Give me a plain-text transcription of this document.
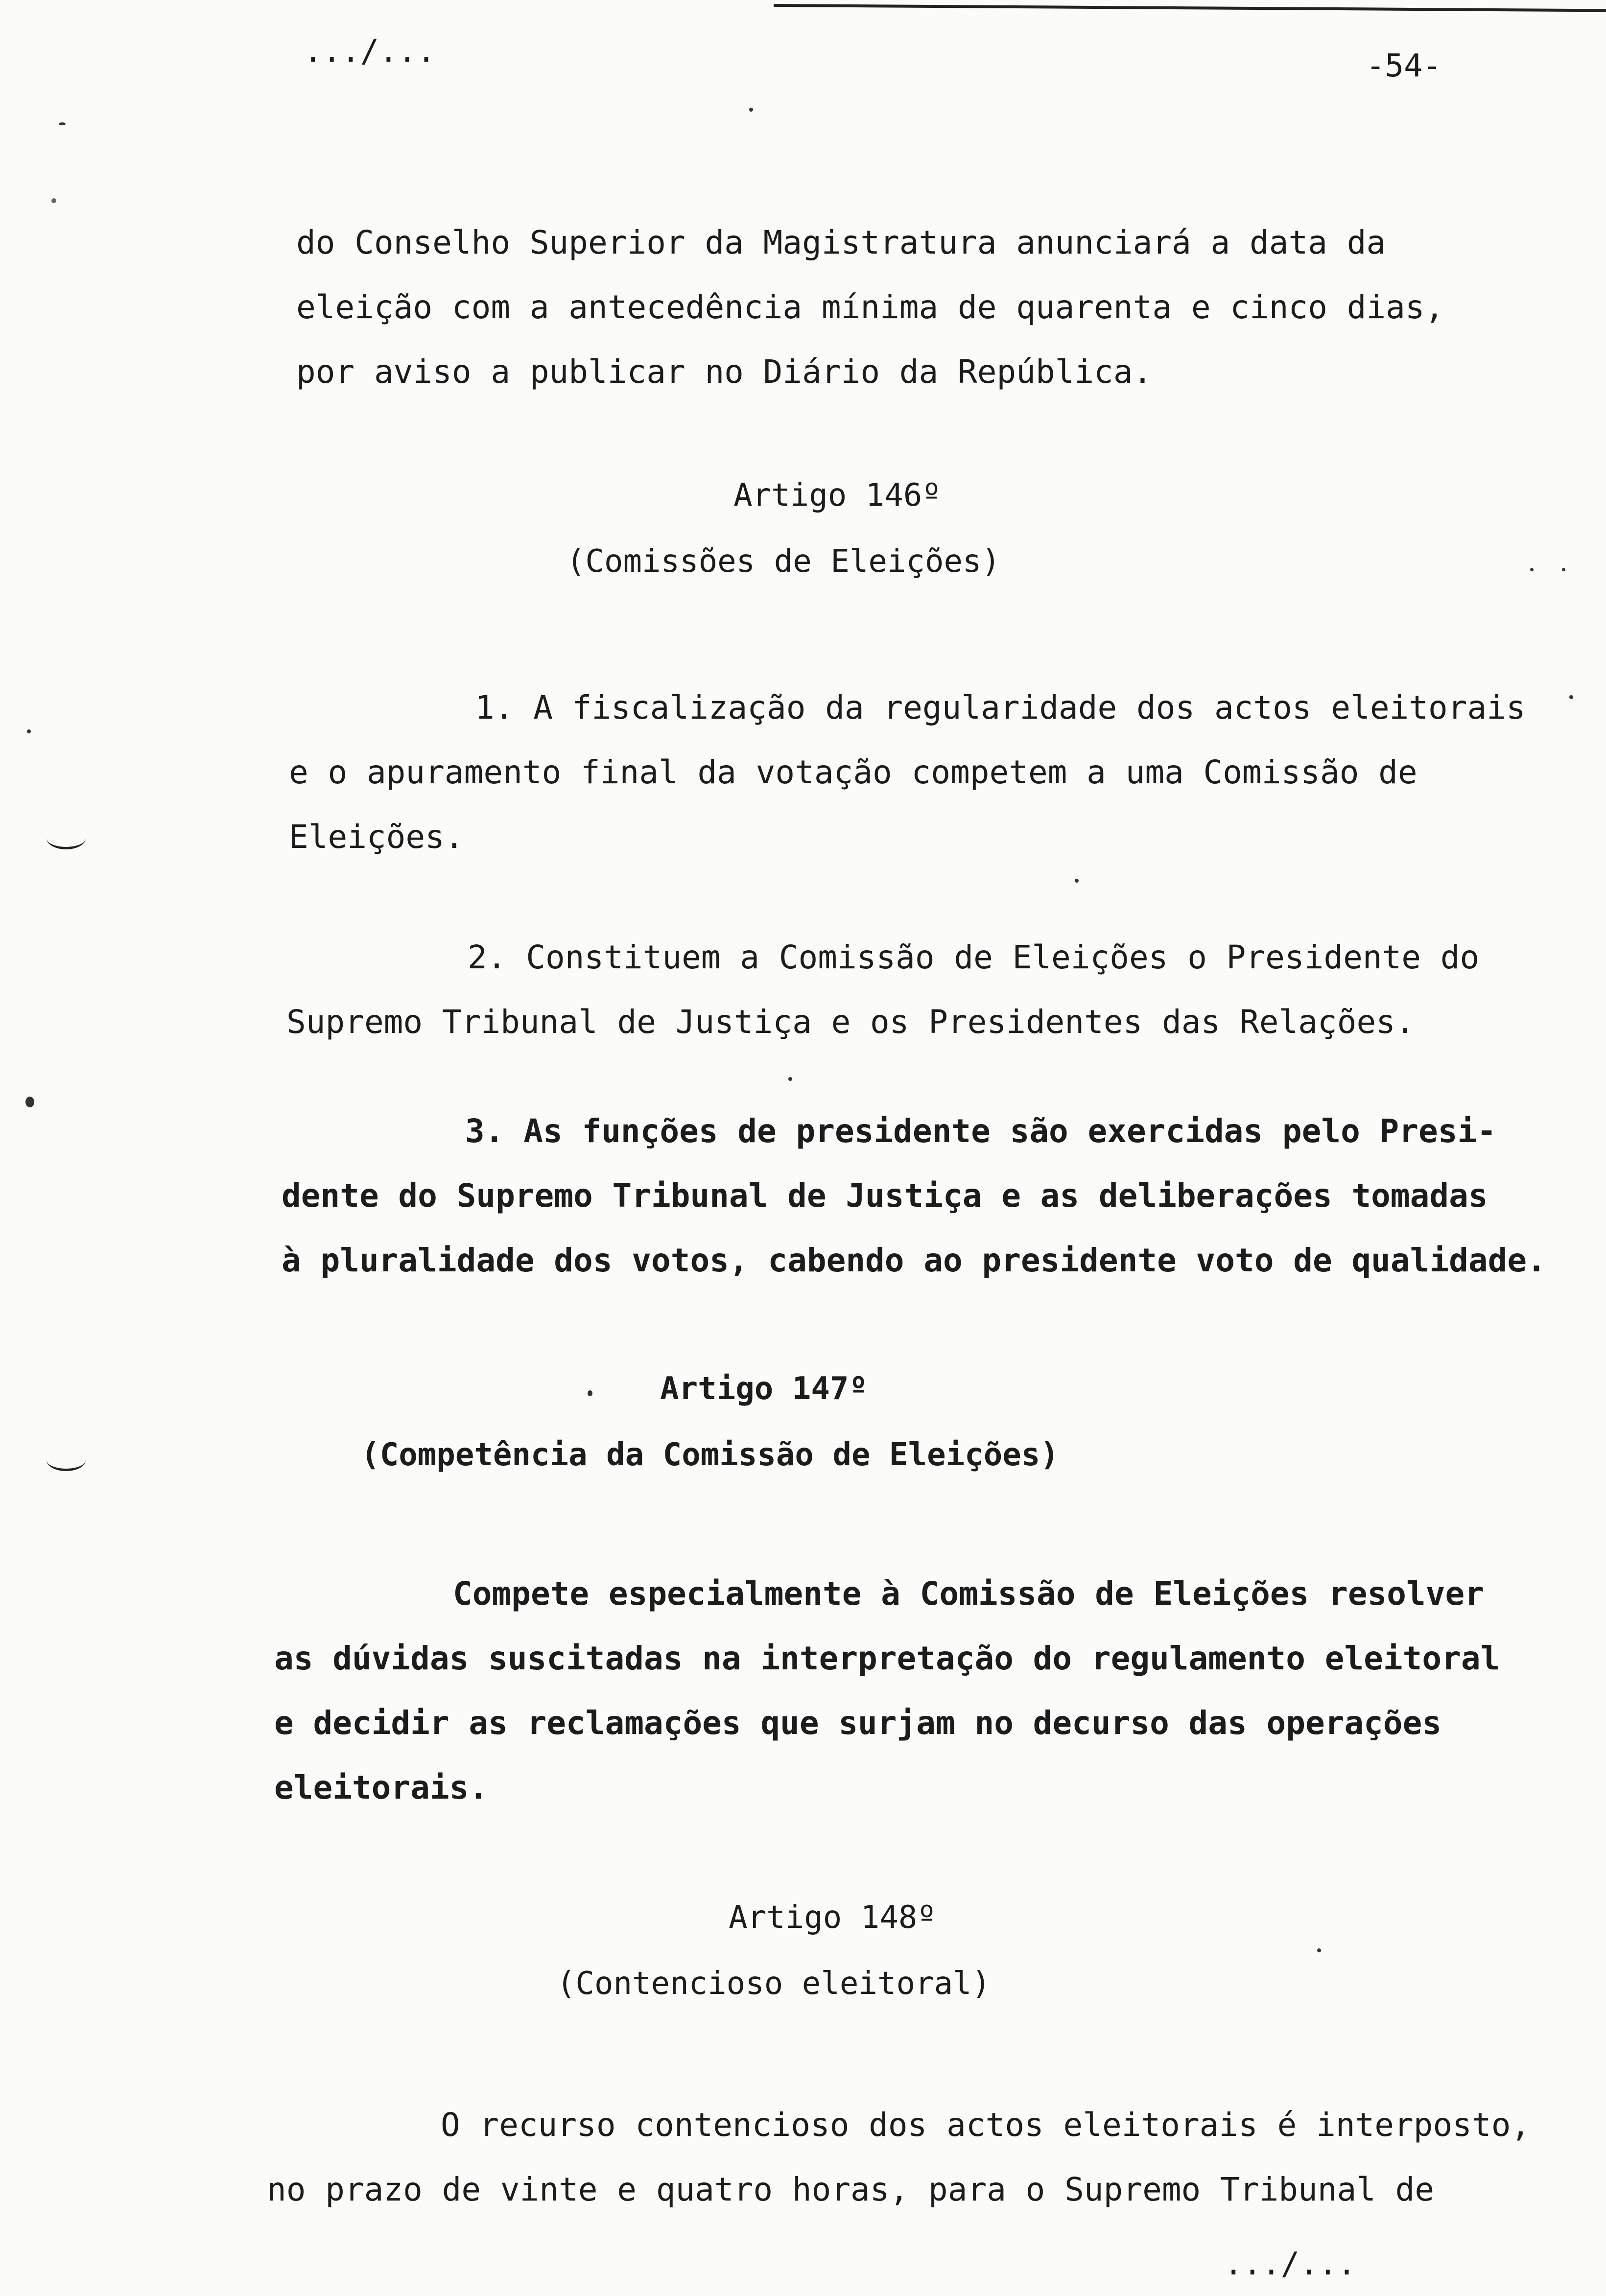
.../...	-54-
do Conselho Superior da Magistratura anunciará a data da
eleição com a antecedência mínima de quarenta e cinco dias,
por aviso a publicar no Diário da República.
Artigo 146º
(Comissões de Eleições)
1. A fiscalização da regularidade dos actos eleitorais
e o apuramento final da votação competem a uma Comissão de
Eleições.
2. Constituem a Comissão de Eleições o Presidente do
Supremo Tribunal de Justiça e os Presidentes das Relações.
3. As funções de presidente são exercidas pelo Presi-
dente do Supremo Tribunal de Justiça e as deliberações tomadas
à pluralidade dos votos, cabendo ao presidente voto de qualidade.
Artigo 147º
(Competência da Comissão de Eleições)
Compete especialmente à Comissão de Eleições resolver
as dúvidas suscitadas na interpretação do regulamento eleitoral
e decidir as reclamações que surjam no decurso das operações
eleitorais.
Artigo 148º
(Contencioso eleitoral)
O recurso contencioso dos actos eleitorais é interposto,
no prazo de vinte e quatro horas, para o Supremo Tribunal de
.../...
